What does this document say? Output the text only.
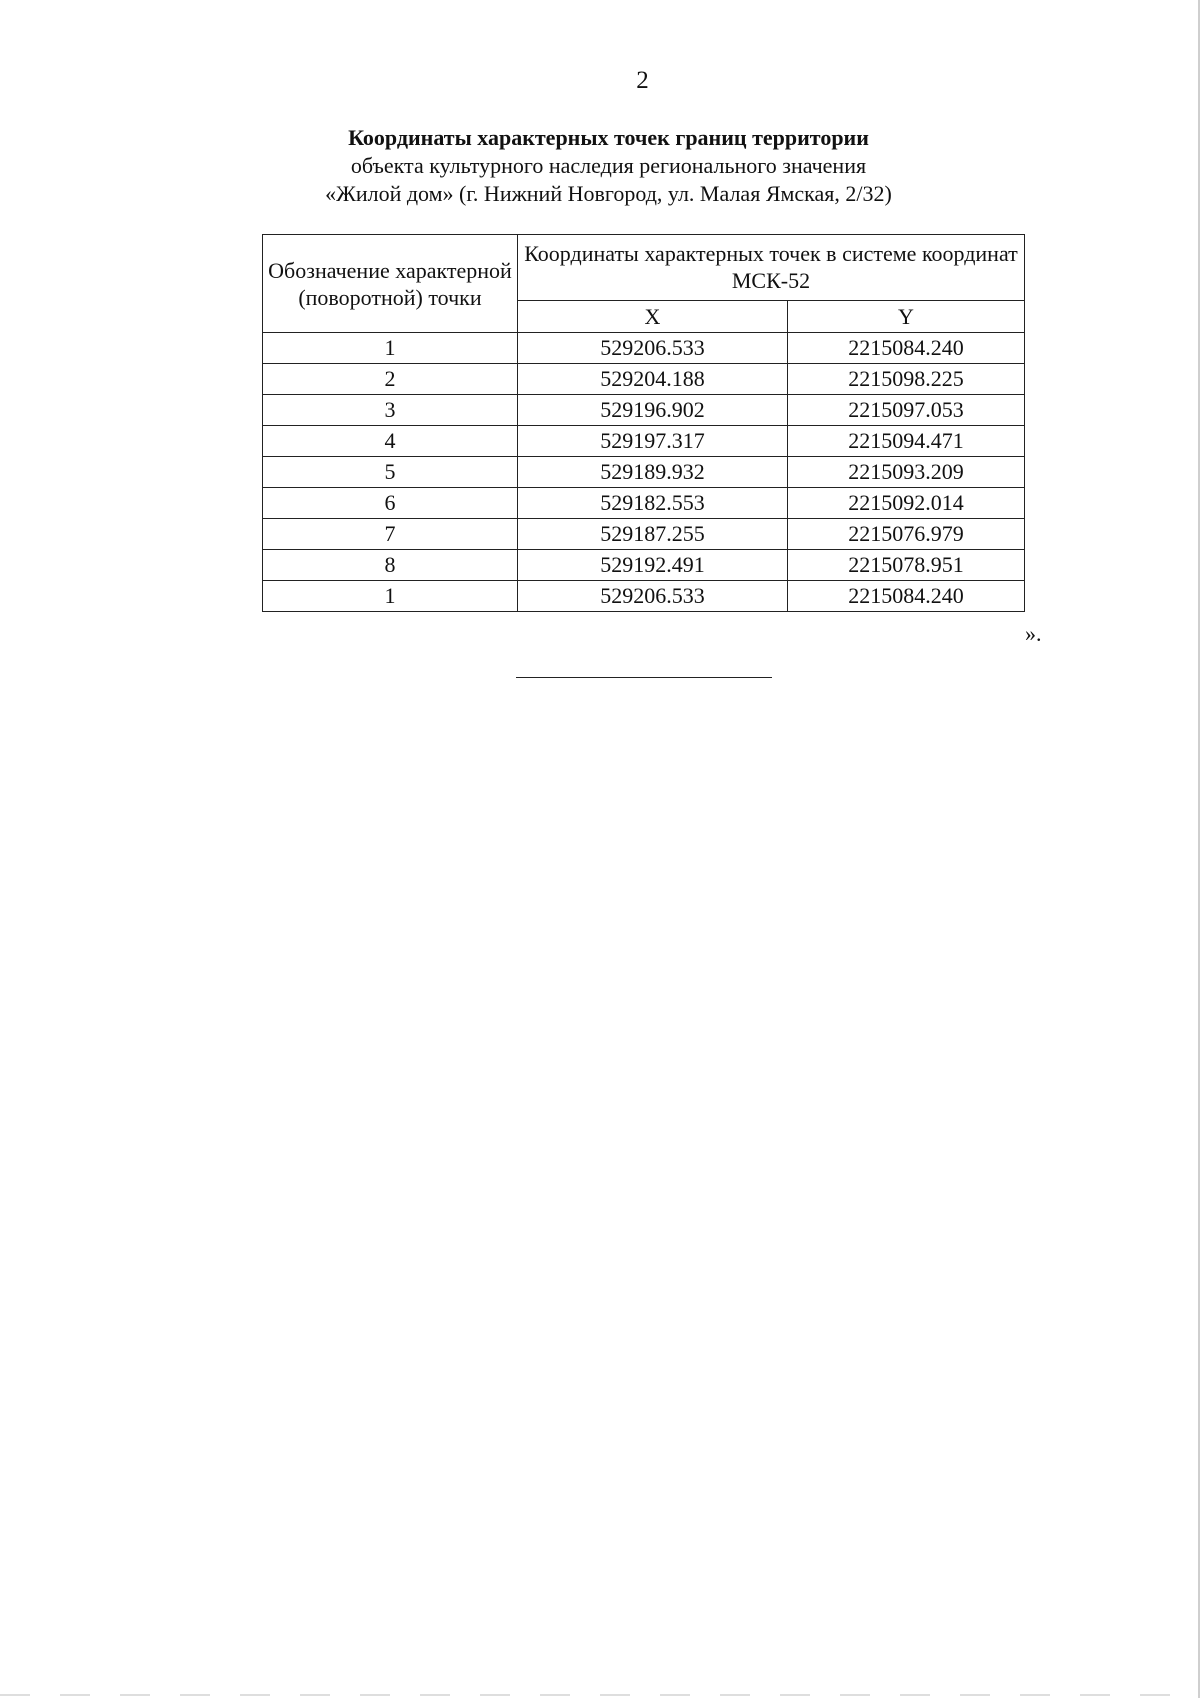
2
Координаты характерных точек границ территории
объекта культурного наследия регионального значения
«Жилой дом» (г. Нижний Новгород, ул. Малая Ямская, 2/32)
Обозначение характерной (поворотной) точки	Координаты характерных точек в системе координат МСК-52	
	X	Y
1	529206.533	2215084.240
2	529204.188	2215098.225
3	529196.902	2215097.053
4	529197.317	2215094.471
5	529189.932	2215093.209
6	529182.553	2215092.014
7	529187.255	2215076.979
8	529192.491	2215078.951
1	529206.533	2215084.240
».
